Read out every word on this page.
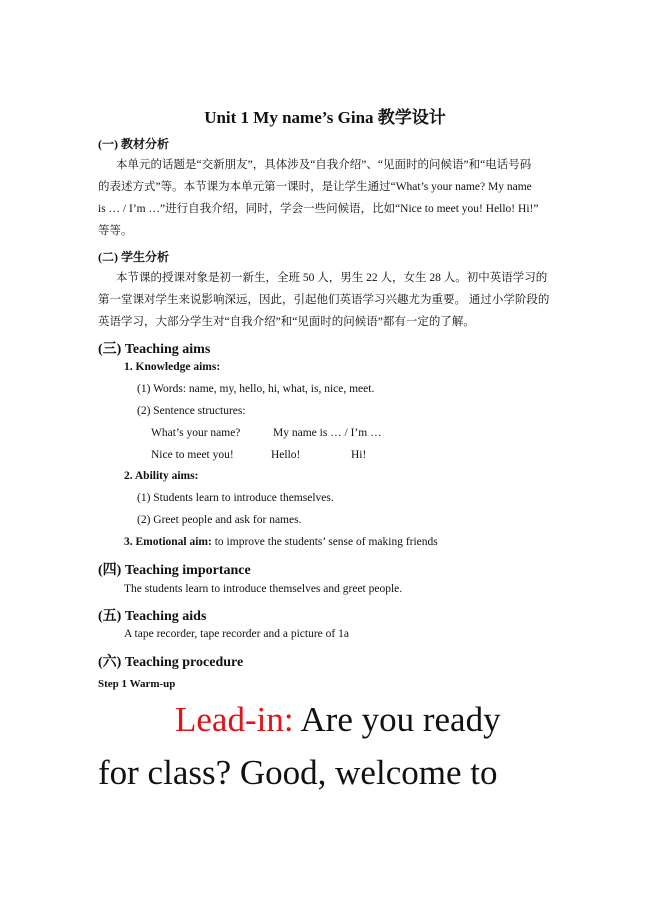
Unit 1 My name’s Gina 教学设计
(一) 教材分析
本单元的话题是“交新朋友”，具体涉及“自我介绍”、“见面时的问候语”和“电话号码
的表述方式”等。本节课为本单元第一课时，是让学生通过“What’s your name? My name
is … / I’m …”进行自我介绍，同时，学会一些问候语，比如“Nice to meet you! Hello! Hi!”
等等。
(二) 学生分析
本节课的授课对象是初一新生，全班 50 人，男生 22 人，女生 28 人。初中英语学习的
第一堂课对学生来说影响深远，因此，引起他们英语学习兴趣尤为重要。 通过小学阶段的
英语学习，大部分学生对“自我介绍”和“见面时的问候语”都有一定的了解。
(三) Teaching aims
1. Knowledge aims:
(1) Words: name, my, hello, hi, what, is, nice, meet.
(2) Sentence structures:
What’s your name?	My name is … / I’m …
Nice to meet you!	Hello!	Hi!
2. Ability aims:
(1) Students learn to introduce themselves.
(2) Greet people and ask for names.
3. Emotional aim: to improve the students’ sense of making friends
(四) Teaching importance
The students learn to introduce themselves and greet people.
(五) Teaching aids
A tape recorder, tape recorder and a picture of 1a
(六) Teaching procedure
Step 1 Warm-up
Lead-in: Are you ready
for class? Good, welcome to
